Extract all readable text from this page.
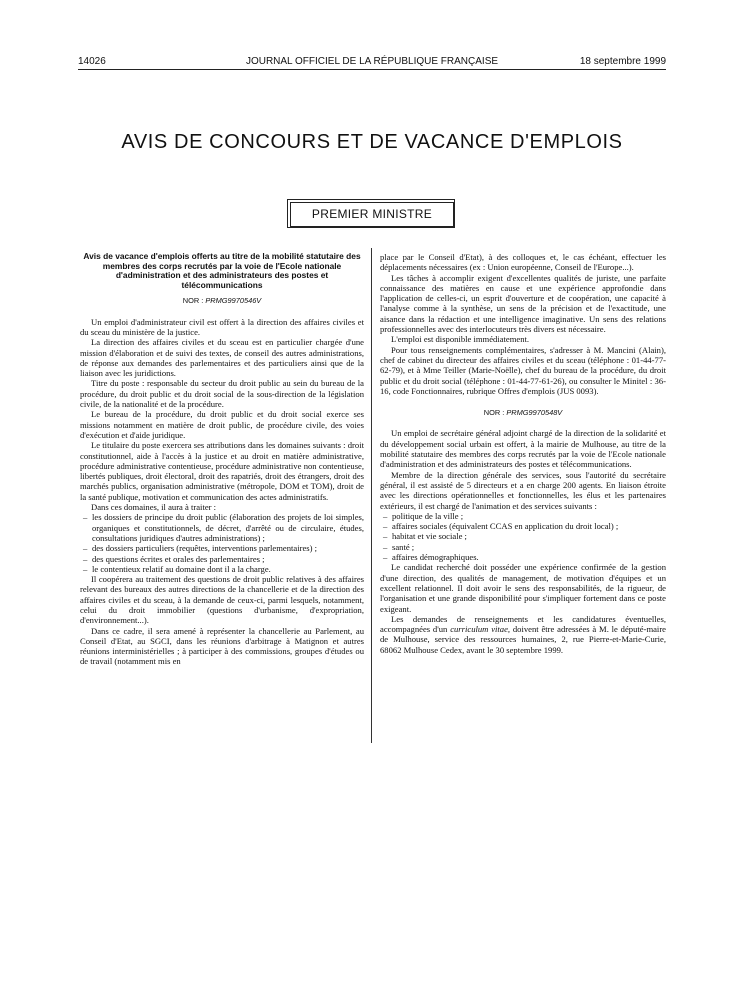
14026	JOURNAL OFFICIEL DE LA RÉPUBLIQUE FRANÇAISE	18 septembre 1999
AVIS DE CONCOURS ET DE VACANCE D'EMPLOIS
PREMIER MINISTRE
Avis de vacance d'emplois offerts au titre de la mobilité statutaire des membres des corps recrutés par la voie de l'Ecole nationale d'administration et des administrateurs des postes et télécommunications
NOR : PRMG9970546V

Un emploi d'administrateur civil est offert à la direction des affaires civiles et du sceau du ministère de la justice.

La direction des affaires civiles et du sceau est en particulier chargée d'une mission d'élaboration et de suivi des textes, de conseil des autres administrations, de réponse aux demandes des parlementaires et des particuliers ainsi que de la liaison avec les juridictions.

Titre du poste : responsable du secteur du droit public au sein du bureau de la procédure, du droit public et du droit social de la sous-direction de la législation civile, de la nationalité et de la procédure.

Le bureau de la procédure, du droit public et du droit social exerce ses missions notamment en matière de droit public, de procédure civile, des voies d'exécution et d'aide juridique.

Le titulaire du poste exercera ses attributions dans les domaines suivants : droit constitutionnel, aide à l'accès à la justice et au droit en matière administrative, procédure administrative contentieuse, procédure administrative non contentieuse, libertés publiques, droit électoral, droit des rapatriés, droit des étrangers, droit des marchés publics, organisation administrative (métropole, DOM et TOM), droit de la santé publique, motivation et communication des actes administratifs.

Dans ces domaines, il aura à traiter :

– les dossiers de principe du droit public (élaboration des projets de loi simples, organiques et constitutionnels, de décret, d'arrêté ou de circulaire, études, consultations juridiques d'autres administrations) ;
– des dossiers particuliers (requêtes, interventions parlementaires) ;
– des questions écrites et orales des parlementaires ;
– le contentieux relatif au domaine dont il a la charge.

Il coopérera au traitement des questions de droit public relatives à des affaires relevant des bureaux des autres directions de la chancellerie et de la direction des affaires civiles et du sceau, à la demande de ceux-ci, parmi lesquels, notamment, celui du droit immobilier (questions d'urbanisme, d'expropriation, d'environnement...).

Dans ce cadre, il sera amené à représenter la chancellerie au Parlement, au Conseil d'Etat, au SGCI, dans les réunions d'arbitrage à Matignon et autres réunions interministérielles ; à participer à des commissions, groupes d'études ou de travail (notamment mis en

place par le Conseil d'Etat), à des colloques et, le cas échéant, effectuer les déplacements nécessaires (ex : Union européenne, Conseil de l'Europe...).

Les tâches à accomplir exigent d'excellentes qualités de juriste, une parfaite connaissance des matières en cause et une expérience approfondie dans l'application de celles-ci, un esprit d'ouverture et de coopération, une capacité à l'analyse comme à la synthèse, un sens de la précision et de l'exactitude, une aisance dans la rédaction et une intelligence imaginative. Un sens des relations professionnelles avec des interlocuteurs très divers est nécessaire.

L'emploi est disponible immédiatement.

Pour tous renseignements complémentaires, s'adresser à M. Mancini (Alain), chef de cabinet du directeur des affaires civiles et du sceau (téléphone : 01-44-77-62-79), et à Mme Teiller (Marie-Noëlle), chef du bureau de la procédure, du droit public et du droit social (téléphone : 01-44-77-61-26), ou consulter le Minitel : 36-16, code Fonctionnaires, rubrique Offres d'emplois (JUS 0093).

NOR : PRMG9970548V

Un emploi de secrétaire général adjoint chargé de la direction de la solidarité et du développement social urbain est offert, à la mairie de Mulhouse, au titre de la mobilité statutaire des membres des corps recrutés par la voie de l'Ecole nationale d'administration et des administrateurs des postes et télécommunications.

Membre de la direction générale des services, sous l'autorité du secrétaire général, il est assisté de 5 directeurs et a en charge 200 agents. En liaison étroite avec les directions opérationnelles et fonctionnelles, les élus et les partenaires extérieurs, il est chargé de l'animation et des services suivants :

– politique de la ville ;
– affaires sociales (équivalent CCAS en application du droit local) ;
– habitat et vie sociale ;
– santé ;
– affaires démographiques.

Le candidat recherché doit posséder une expérience confirmée de la gestion d'une direction, des qualités de management, de motivation d'équipes et un excellent relationnel. Il doit avoir le sens des responsabilités, de la rigueur, de l'organisation et une grande disponibilité pour s'impliquer fortement dans ce poste exigeant.

Les demandes de renseignements et les candidatures éventuelles, accompagnées d'un curriculum vitae, doivent être adressées à M. le député-maire de Mulhouse, service des ressources humaines, 2, rue Pierre-et-Marie-Curie, 68062 Mulhouse Cedex, avant le 30 septembre 1999.
